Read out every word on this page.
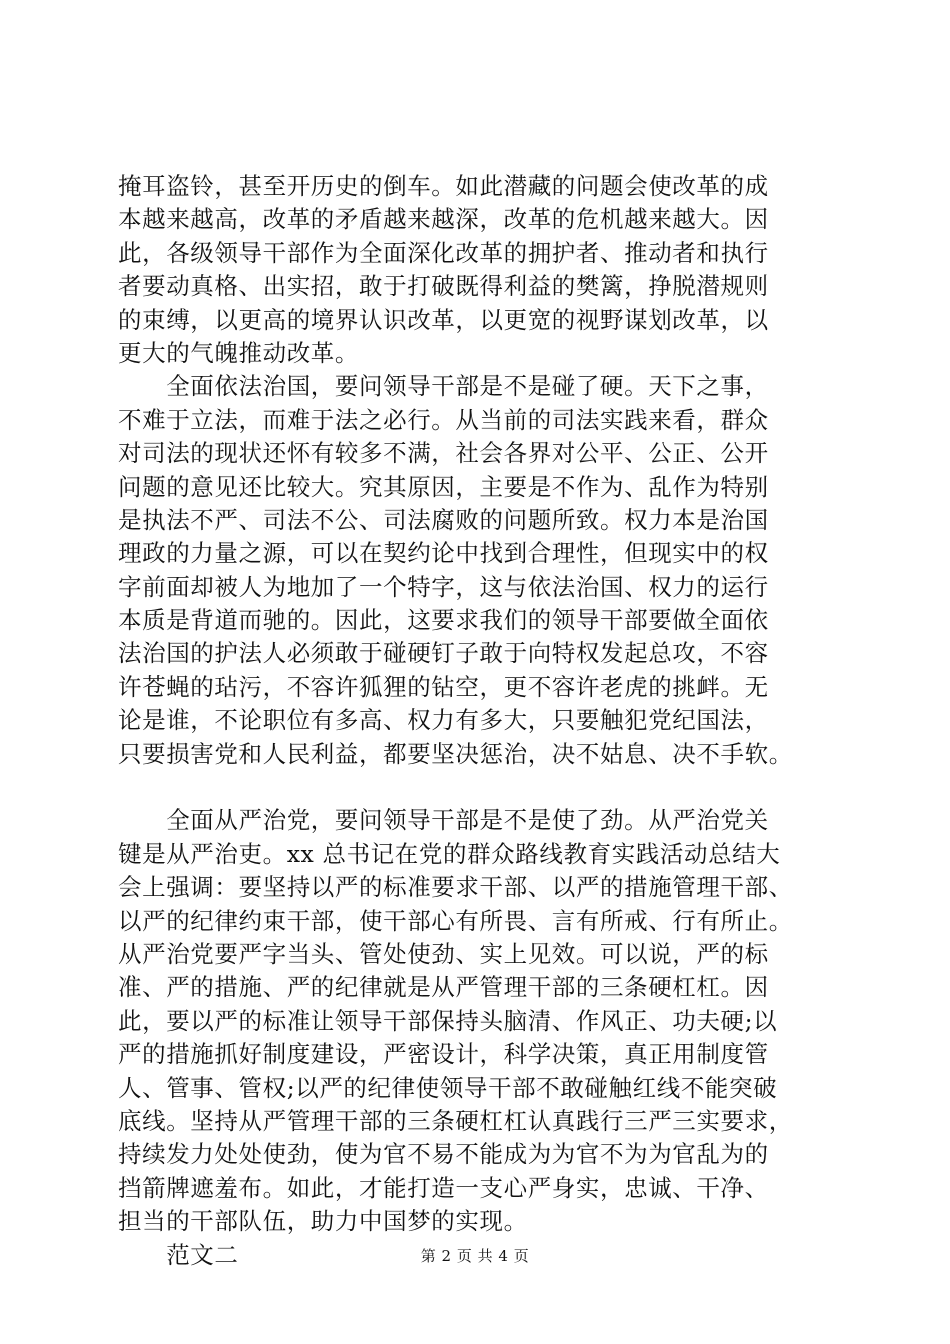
掩耳盗铃，甚至开历史的倒车。如此潜藏的问题会使改革的成
本越来越高，改革的矛盾越来越深，改革的危机越来越大。因
此，各级领导干部作为全面深化改革的拥护者、推动者和执行
者要动真格、出实招，敢于打破既得利益的樊篱，挣脱潜规则
的束缚，以更高的境界认识改革，以更宽的视野谋划改革，以
更大的气魄推动改革。
　　全面依法治国，要问领导干部是不是碰了硬。天下之事，
不难于立法，而难于法之必行。从当前的司法实践来看，群众
对司法的现状还怀有较多不满，社会各界对公平、公正、公开
问题的意见还比较大。究其原因，主要是不作为、乱作为特别
是执法不严、司法不公、司法腐败的问题所致。权力本是治国
理政的力量之源，可以在契约论中找到合理性，但现实中的权
字前面却被人为地加了一个特字，这与依法治国、权力的运行
本质是背道而驰的。因此，这要求我们的领导干部要做全面依
法治国的护法人必须敢于碰硬钉子敢于向特权发起总攻，不容
许苍蝇的玷污，不容许狐狸的钻空，更不容许老虎的挑衅。无
论是谁，不论职位有多高、权力有多大，只要触犯党纪国法，
只要损害党和人民利益，都要坚决惩治，决不姑息、决不手软。
　　全面从严治党，要问领导干部是不是使了劲。从严治党关
键是从严治吏。xx 总书记在党的群众路线教育实践活动总结大
会上强调：要坚持以严的标准要求干部、以严的措施管理干部、
以严的纪律约束干部，使干部心有所畏、言有所戒、行有所止。
从严治党要严字当头、管处使劲、实上见效。可以说，严的标
准、严的措施、严的纪律就是从严管理干部的三条硬杠杠。因
此，要以严的标准让领导干部保持头脑清、作风正、功夫硬;以
严的措施抓好制度建设，严密设计，科学决策，真正用制度管
人、管事、管权;以严的纪律使领导干部不敢碰触红线不能突破
底线。坚持从严管理干部的三条硬杠杠认真践行三严三实要求，
持续发力处处使劲，使为官不易不能成为为官不为为官乱为的
挡箭牌遮羞布。如此，才能打造一支心严身实，忠诚、干净、
担当的干部队伍，助力中国梦的实现。
　　范文二	第 2 页 共 4 页
